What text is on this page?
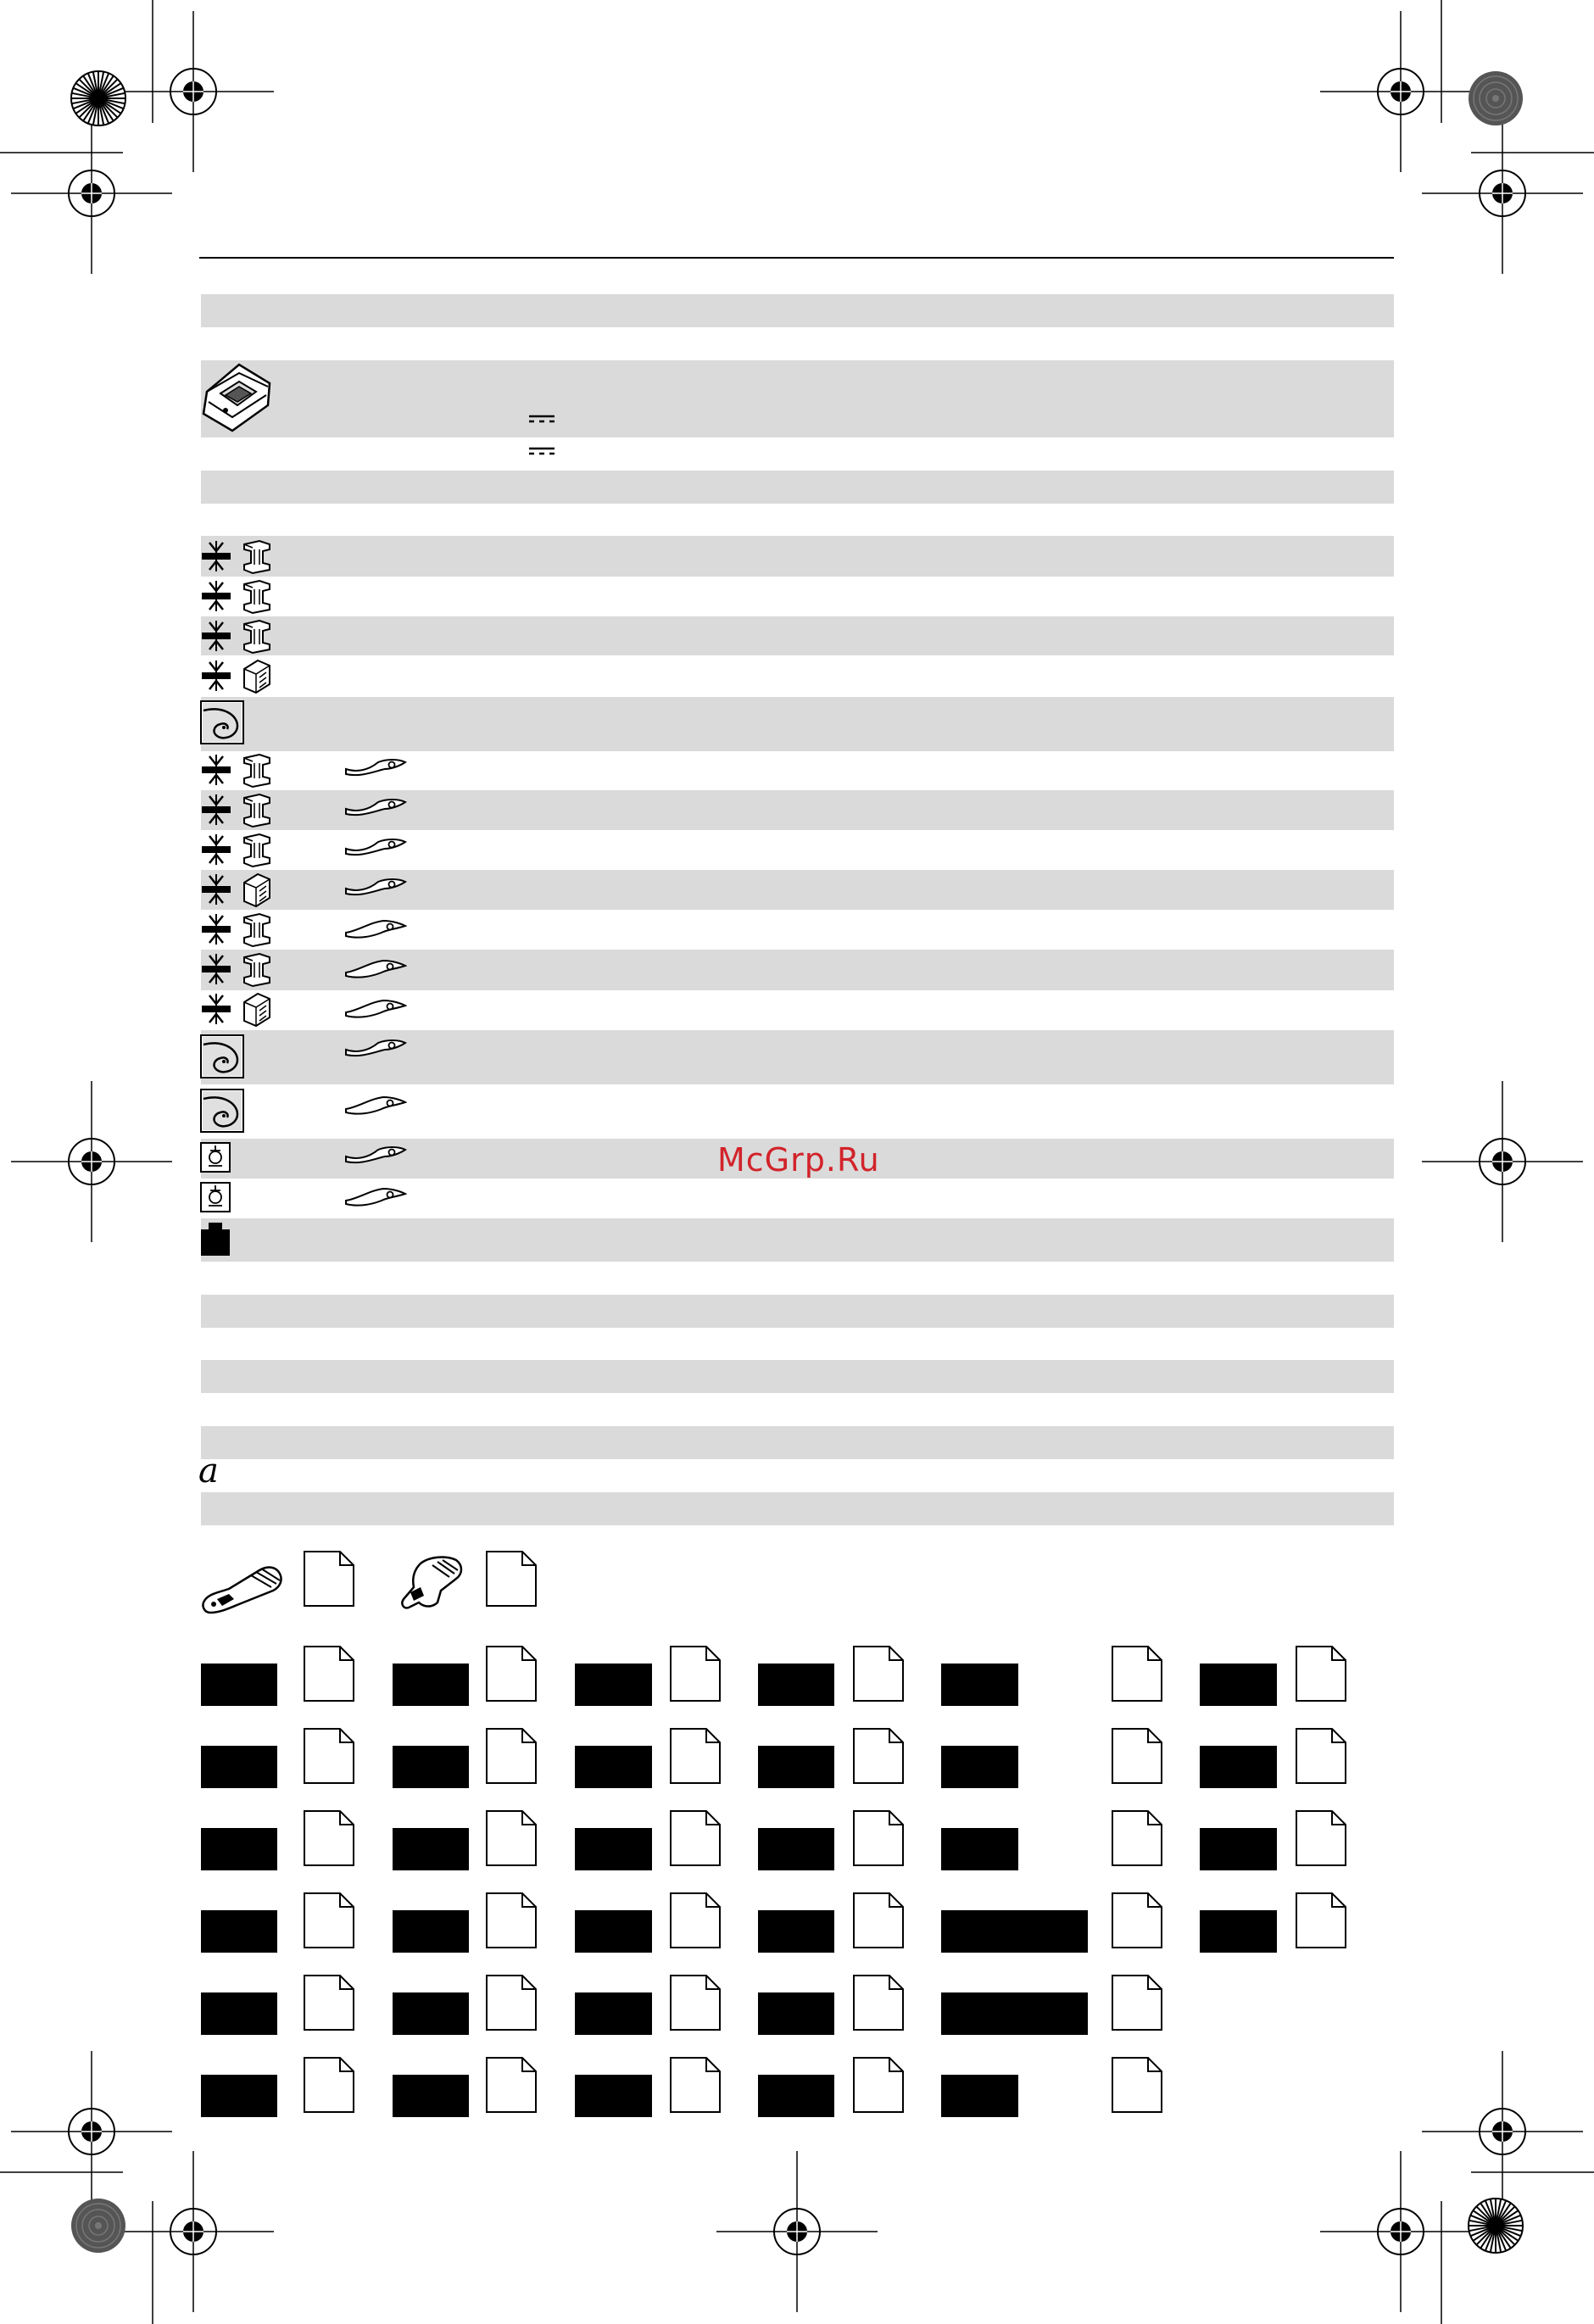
McGrp.Ru
a
